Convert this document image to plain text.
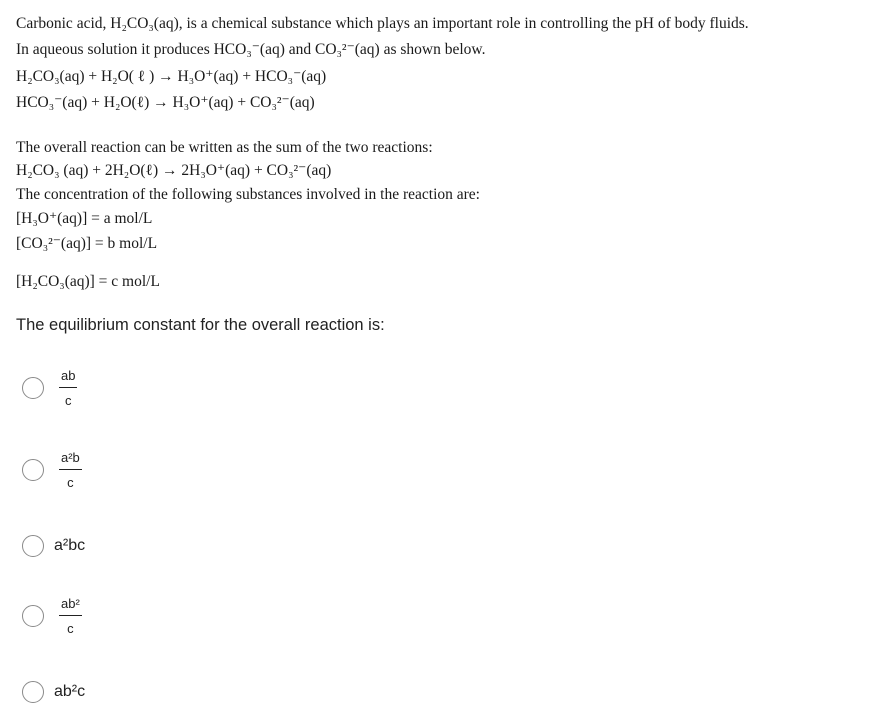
Carbonic acid, H₂CO₃(aq), is a chemical substance which plays an important role in controlling the pH of body fluids.
In aqueous solution it produces HCO₃⁻(aq) and CO₃²⁻(aq) as shown below.
H₂CO₃(aq) + H₂O( ℓ ) → H₃O⁺(aq) + HCO₃⁻(aq)
HCO₃⁻(aq) + H₂O(ℓ) → H₃O⁺(aq) + CO₃²⁻(aq)
The overall reaction can be written as the sum of the two reactions:
H₂CO₃ (aq) + 2H₂O(ℓ) → 2H₃O⁺(aq) + CO₃²⁻(aq)
The concentration of the following substances involved in the reaction are:
[H₃O⁺(aq)] = a mol/L
[CO₃²⁻(aq)] = b mol/L
[H₂CO₃(aq)] = c mol/L
The equilibrium constant for the overall reaction is:
$\frac{ab}{c}$
$\frac{\text{a²b}}{c}$
a²bc
$\frac{\text{ab²}}{c}$
ab²c
